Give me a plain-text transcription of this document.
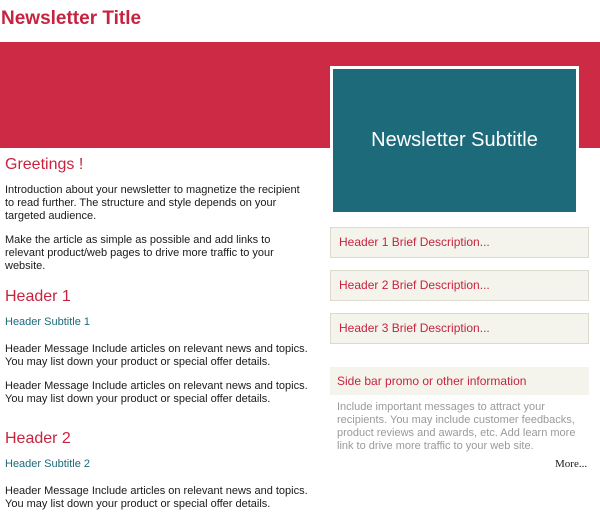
Newsletter Title
Newsletter Subtitle
Greetings !

Introduction about your newsletter to magnetize the recipient to read further. The structure and style depends on your targeted audience.

Make the article as simple as possible and add links to relevant product/web pages to drive more traffic to your website.

Header 1
Header Subtitle 1

Header Message Include articles on relevant news and topics. You may list down your product or special offer details.

Header Message Include articles on relevant news and topics. You may list down your product or special offer details.

Header 2
Header Subtitle 2

Header Message Include articles on relevant news and topics. You may list down your product or special offer details.

Header 1 Brief Description...
Header 2 Brief Description...
Header 3 Brief Description...
Side bar promo or other information
Include important messages to attract your recipients. You may include customer feedbacks, product reviews and awards, etc. Add learn more link to drive more traffic to your web site.
More...
